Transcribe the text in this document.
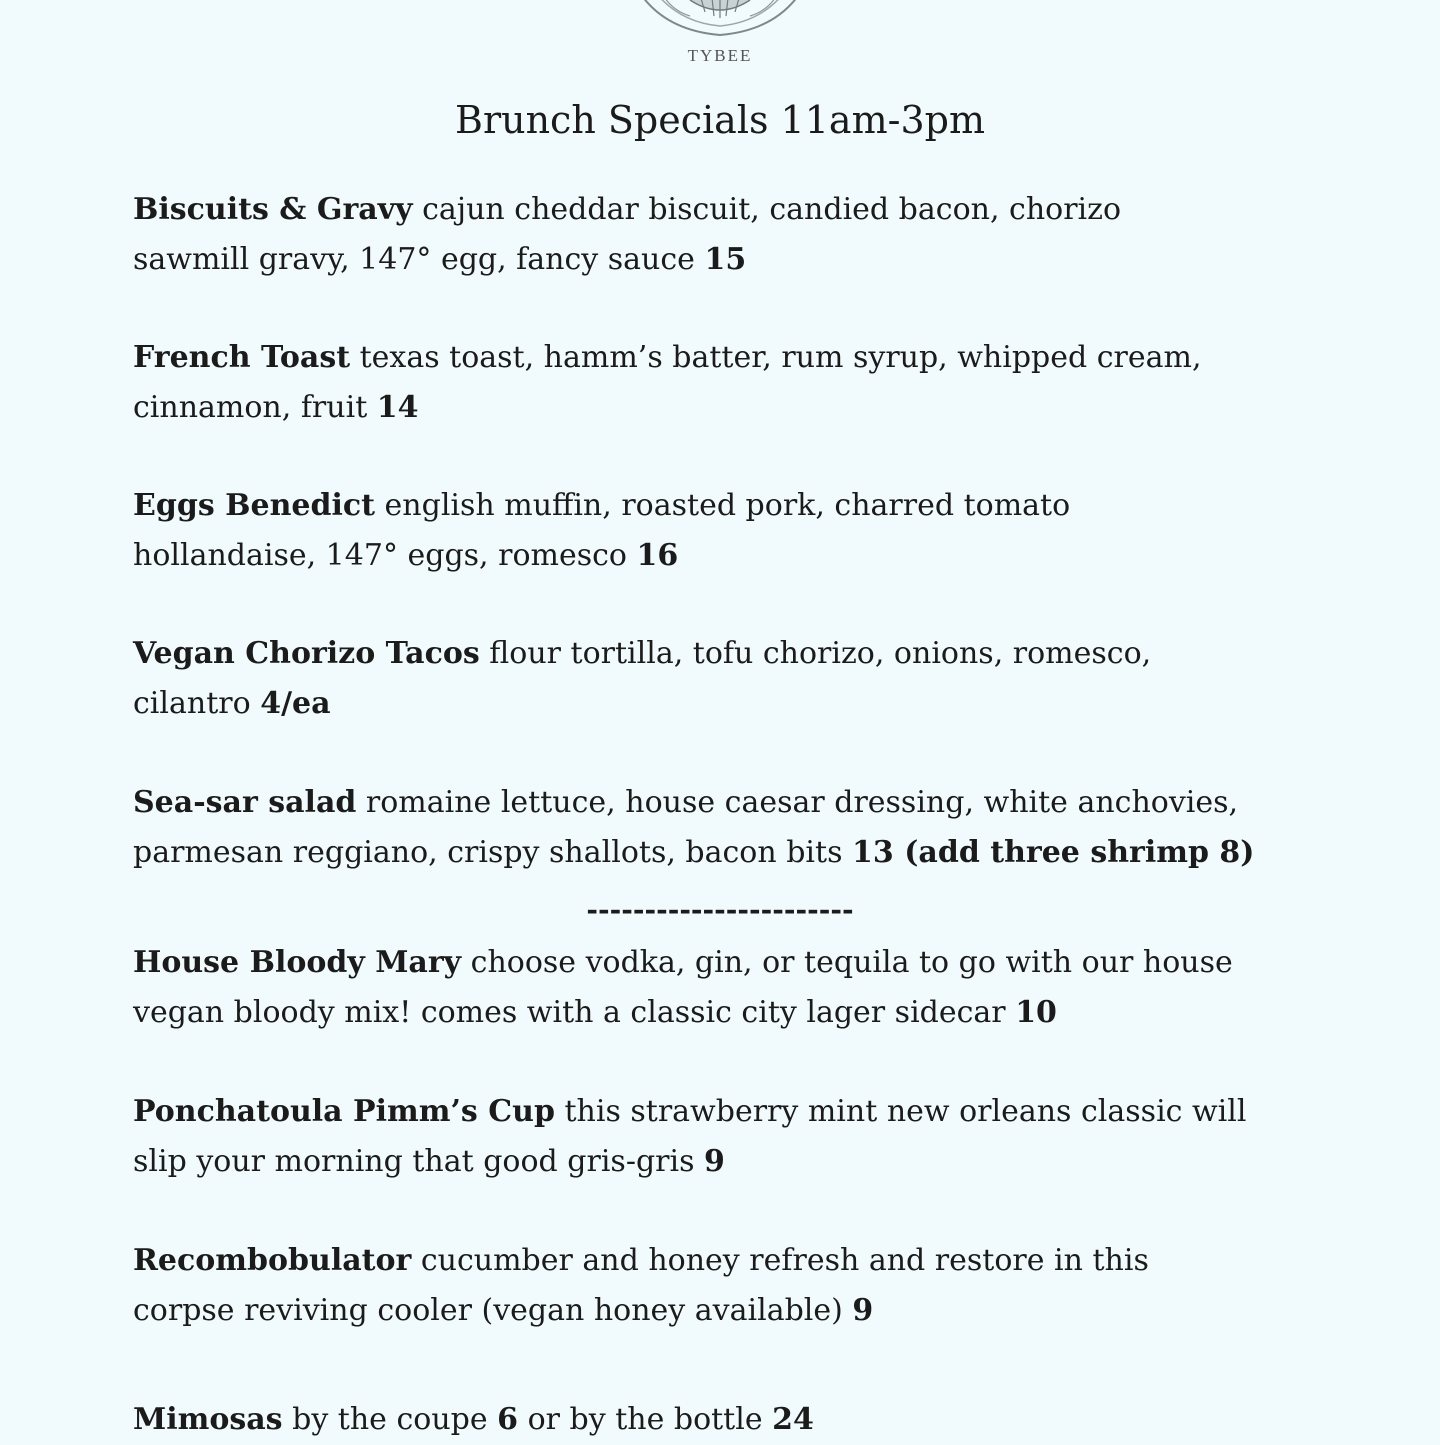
TYBEE
Brunch Specials 11am-3pm
Biscuits & Gravy cajun cheddar biscuit, candied bacon, chorizo
sawmill gravy, 147° egg, fancy sauce 15
French Toast texas toast, hamm’s batter, rum syrup, whipped cream,
cinnamon, fruit 14
Eggs Benedict english muffin, roasted pork, charred tomato
hollandaise, 147° eggs, romesco 16
Vegan Chorizo Tacos flour tortilla, tofu chorizo, onions, romesco,
cilantro 4/ea
Sea-sar salad romaine lettuce, house caesar dressing, white anchovies,
parmesan reggiano, crispy shallots, bacon bits 13 (add three shrimp 8)
-----------------------
House Bloody Mary choose vodka, gin, or tequila to go with our house
vegan bloody mix! comes with a classic city lager sidecar 10
Ponchatoula Pimm’s Cup this strawberry mint new orleans classic will
slip your morning that good gris-gris 9
Recombobulator cucumber and honey refresh and restore in this
corpse reviving cooler (vegan honey available) 9
Mimosas by the coupe 6 or by the bottle 24
